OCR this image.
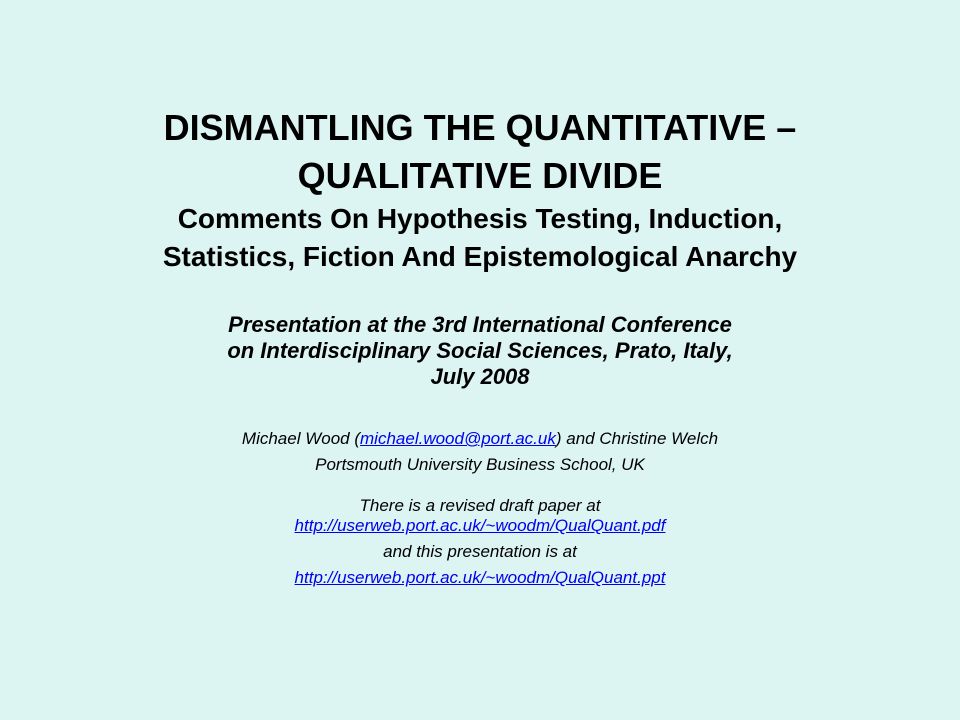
DISMANTLING THE QUANTITATIVE –

QUALITATIVE DIVIDE

Comments On Hypothesis Testing, Induction,

Statistics, Fiction And Epistemological Anarchy

Presentation at the 3rd International Conference

on Interdisciplinary Social Sciences, Prato, Italy,

July 2008

Michael Wood (michael.wood@port.ac.uk) and Christine Welch

Portsmouth University Business School, UK

There is a revised draft paper at

http://userweb.port.ac.uk/~woodm/QualQuant.pdf

and this presentation is at

http://userweb.port.ac.uk/~woodm/QualQuant.ppt
